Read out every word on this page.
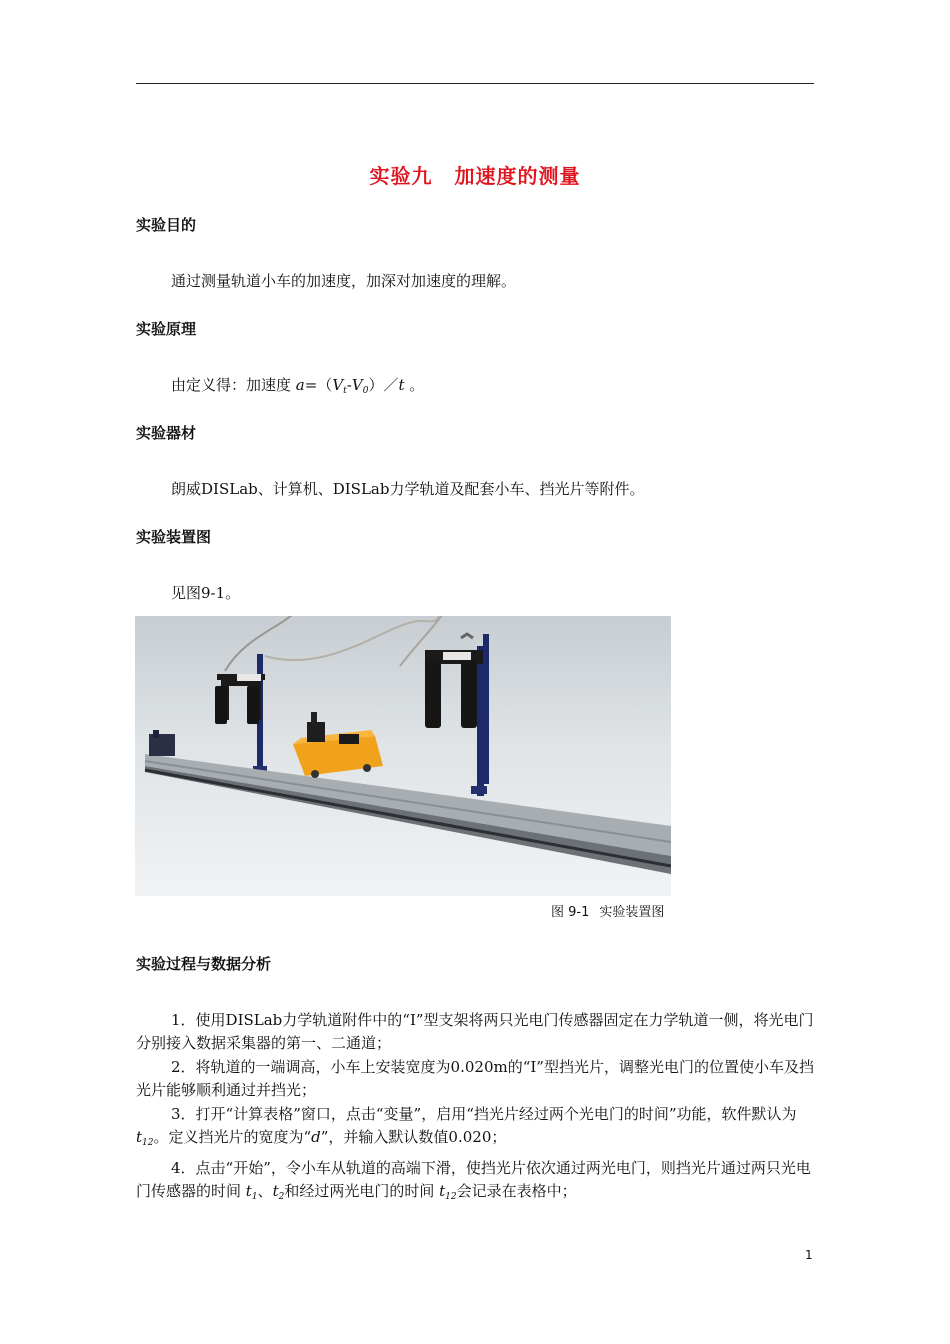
实验九 加速度的测量
实验目的
通过测量轨道小车的加速度，加深对加速度的理解。
实验原理
由定义得：加速度 $a=(V_t-V_0)/t$ 。
实验器材
朗威DISLab、计算机、DISLab力学轨道及配套小车、挡光片等附件。
实验装置图
见图9-1。
图 9-1 实验装置图
实验过程与数据分析
1．使用DISLab力学轨道附件中的“I”型支架将两只光电门传感器固定在力学轨道一侧，将光电门分别接入数据采集器的第一、二通道；
2．将轨道的一端调高，小车上安装宽度为0.020m的“I”型挡光片，调整光电门的位置使小车及挡光片能够顺利通过并挡光；
3．打开“计算表格”窗口，点击“变量”，启用“挡光片经过两个光电门的时间”功能，软件默认为 $t_{12}$。定义挡光片的宽度为“d”，并输入默认数值0.020；
4．点击“开始”，令小车从轨道的高端下滑，使挡光片依次通过两光电门，则挡光片通过两只光电门传感器的时间 $t_1$、$t_2$和经过两光电门的时间 $t_{12}$会记录在表格中；
1
